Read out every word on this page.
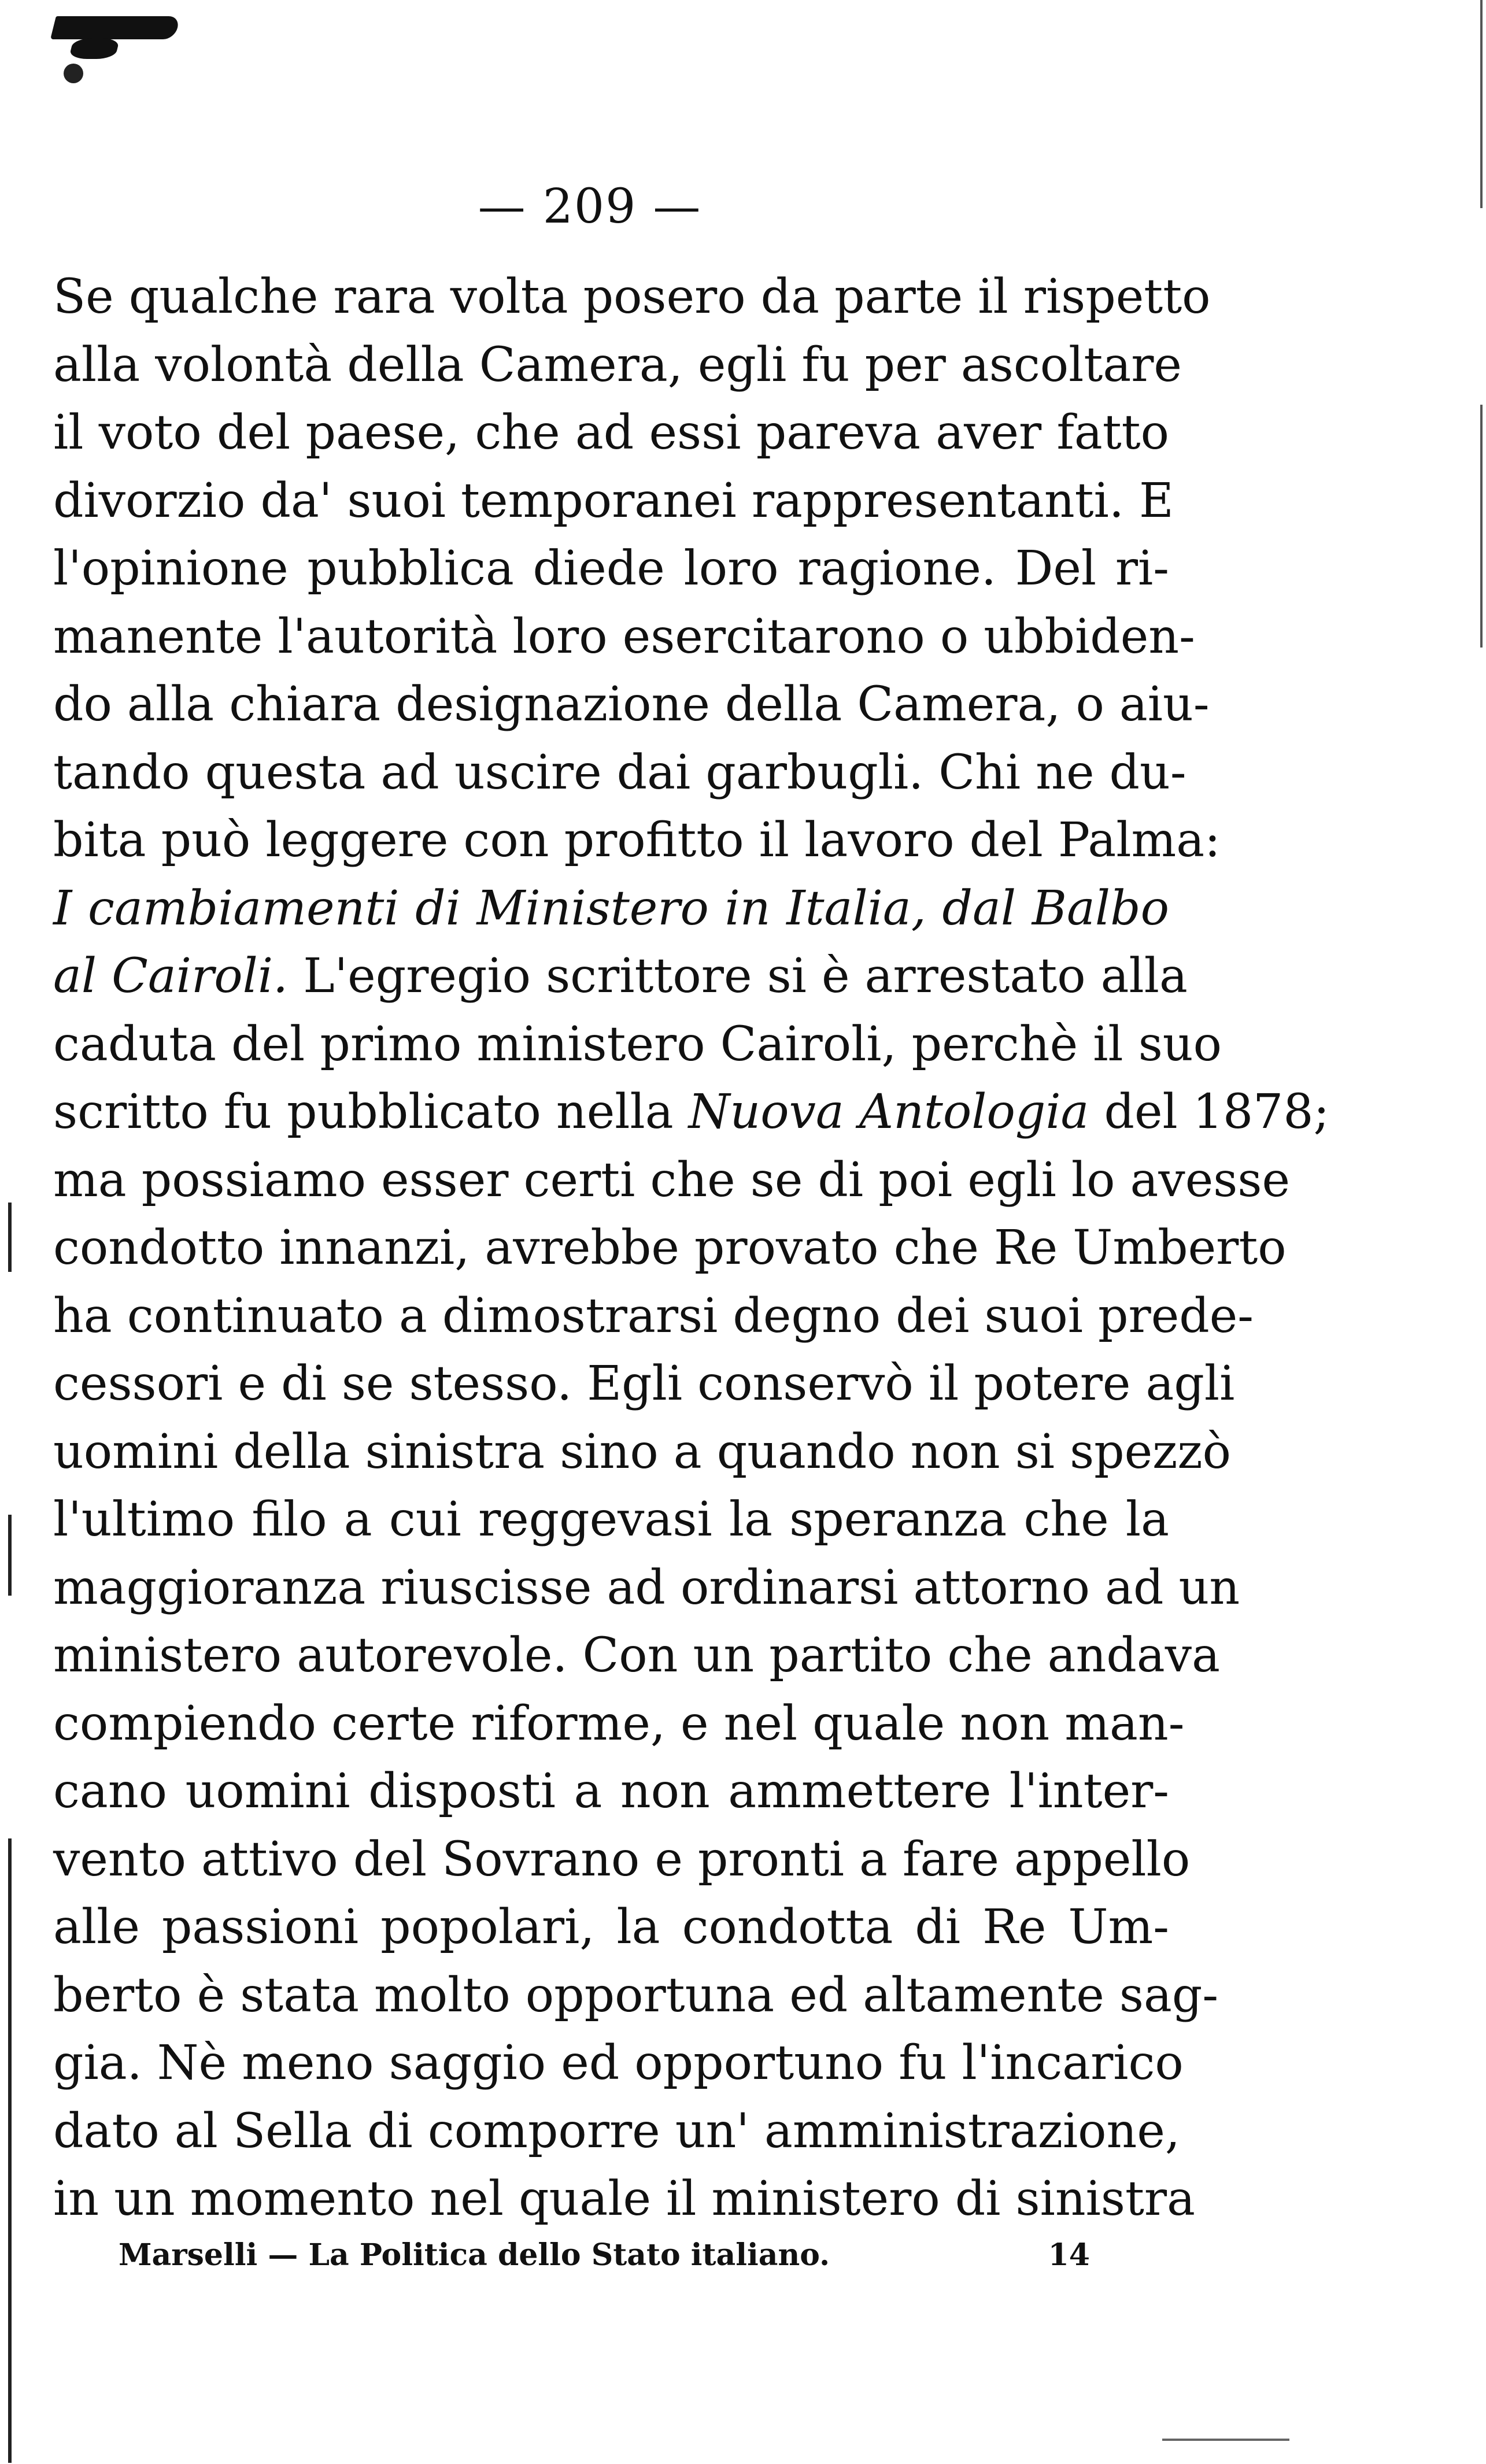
— 209 —
Se qualche rara volta posero da parte il rispetto
alla volontà della Camera, egli fu per ascoltare
il voto del paese, che ad essi pareva aver fatto
divorzio da' suoi temporanei rappresentanti. E
l'opinione pubblica diede loro ragione. Del ri-
manente l'autorità loro esercitarono o ubbiden-
do alla chiara designazione della Camera, o aiu-
tando questa ad uscire dai garbugli. Chi ne du-
bita può leggere con profitto il lavoro del Palma:
I cambiamenti di Ministero in Italia, dal Balbo
al Cairoli. L'egregio scrittore si è arrestato alla
caduta del primo ministero Cairoli, perchè il suo
scritto fu pubblicato nella Nuova Antologia del 1878;
ma possiamo esser certi che se di poi egli lo avesse
condotto innanzi, avrebbe provato che Re Umberto
ha continuato a dimostrarsi degno dei suoi prede-
cessori e di se stesso. Egli conservò il potere agli
uomini della sinistra sino a quando non si spezzò
l'ultimo filo a cui reggevasi la speranza che la
maggioranza riuscisse ad ordinarsi attorno ad un
ministero autorevole. Con un partito che andava
compiendo certe riforme, e nel quale non man-
cano uomini disposti a non ammettere l'inter-
vento attivo del Sovrano e pronti a fare appello
alle passioni popolari, la condotta di Re Um-
berto è stata molto opportuna ed altamente sag-
gia. Nè meno saggio ed opportuno fu l'incarico
dato al Sella di comporre un' amministrazione,
in un momento nel quale il ministero di sinistra
Marselli — La Politica dello Stato italiano.	14
